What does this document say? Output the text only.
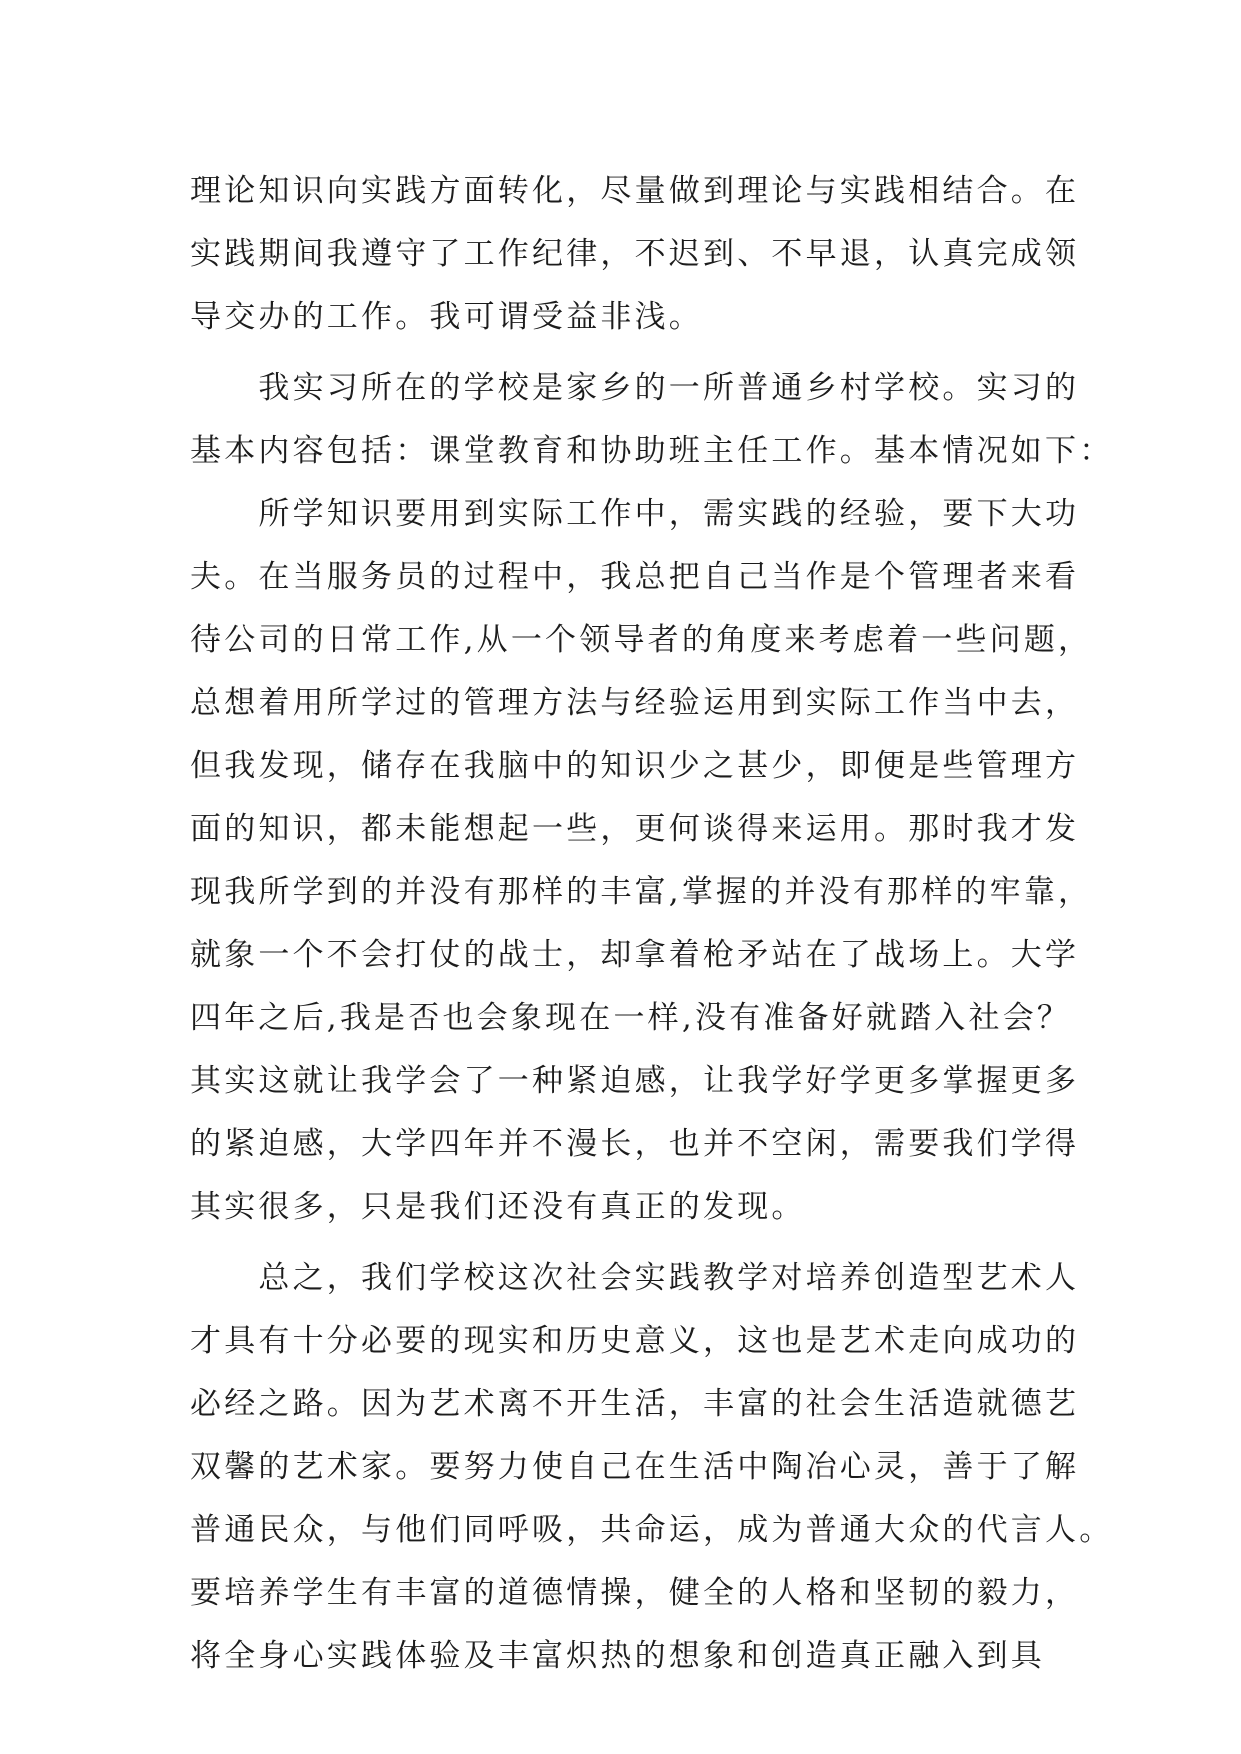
理论知识向实践方面转化，尽量做到理论与实践相结合。在
实践期间我遵守了工作纪律，不迟到、不早退，认真完成领
导交办的工作。我可谓受益非浅。
　　我实习所在的学校是家乡的一所普通乡村学校。实习的
基本内容包括：课堂教育和协助班主任工作。基本情况如下：
　　所学知识要用到实际工作中，需实践的经验，要下大功
夫。在当服务员的过程中，我总把自己当作是个管理者来看
待公司的日常工作,从一个领导者的角度来考虑着一些问题，
总想着用所学过的管理方法与经验运用到实际工作当中去，
但我发现，储存在我脑中的知识少之甚少，即便是些管理方
面的知识，都未能想起一些，更何谈得来运用。那时我才发
现我所学到的并没有那样的丰富,掌握的并没有那样的牢靠，
就象一个不会打仗的战士，却拿着枪矛站在了战场上。大学
四年之后,我是否也会象现在一样,没有准备好就踏入社会？
其实这就让我学会了一种紧迫感，让我学好学更多掌握更多
的紧迫感，大学四年并不漫长，也并不空闲，需要我们学得
其实很多，只是我们还没有真正的发现。
　　总之，我们学校这次社会实践教学对培养创造型艺术人
才具有十分必要的现实和历史意义，这也是艺术走向成功的
必经之路。因为艺术离不开生活，丰富的社会生活造就德艺
双馨的艺术家。要努力使自己在生活中陶冶心灵，善于了解
普通民众，与他们同呼吸，共命运，成为普通大众的代言人。
要培养学生有丰富的道德情操，健全的人格和坚韧的毅力，
将全身心实践体验及丰富炽热的想象和创造真正融入到具
